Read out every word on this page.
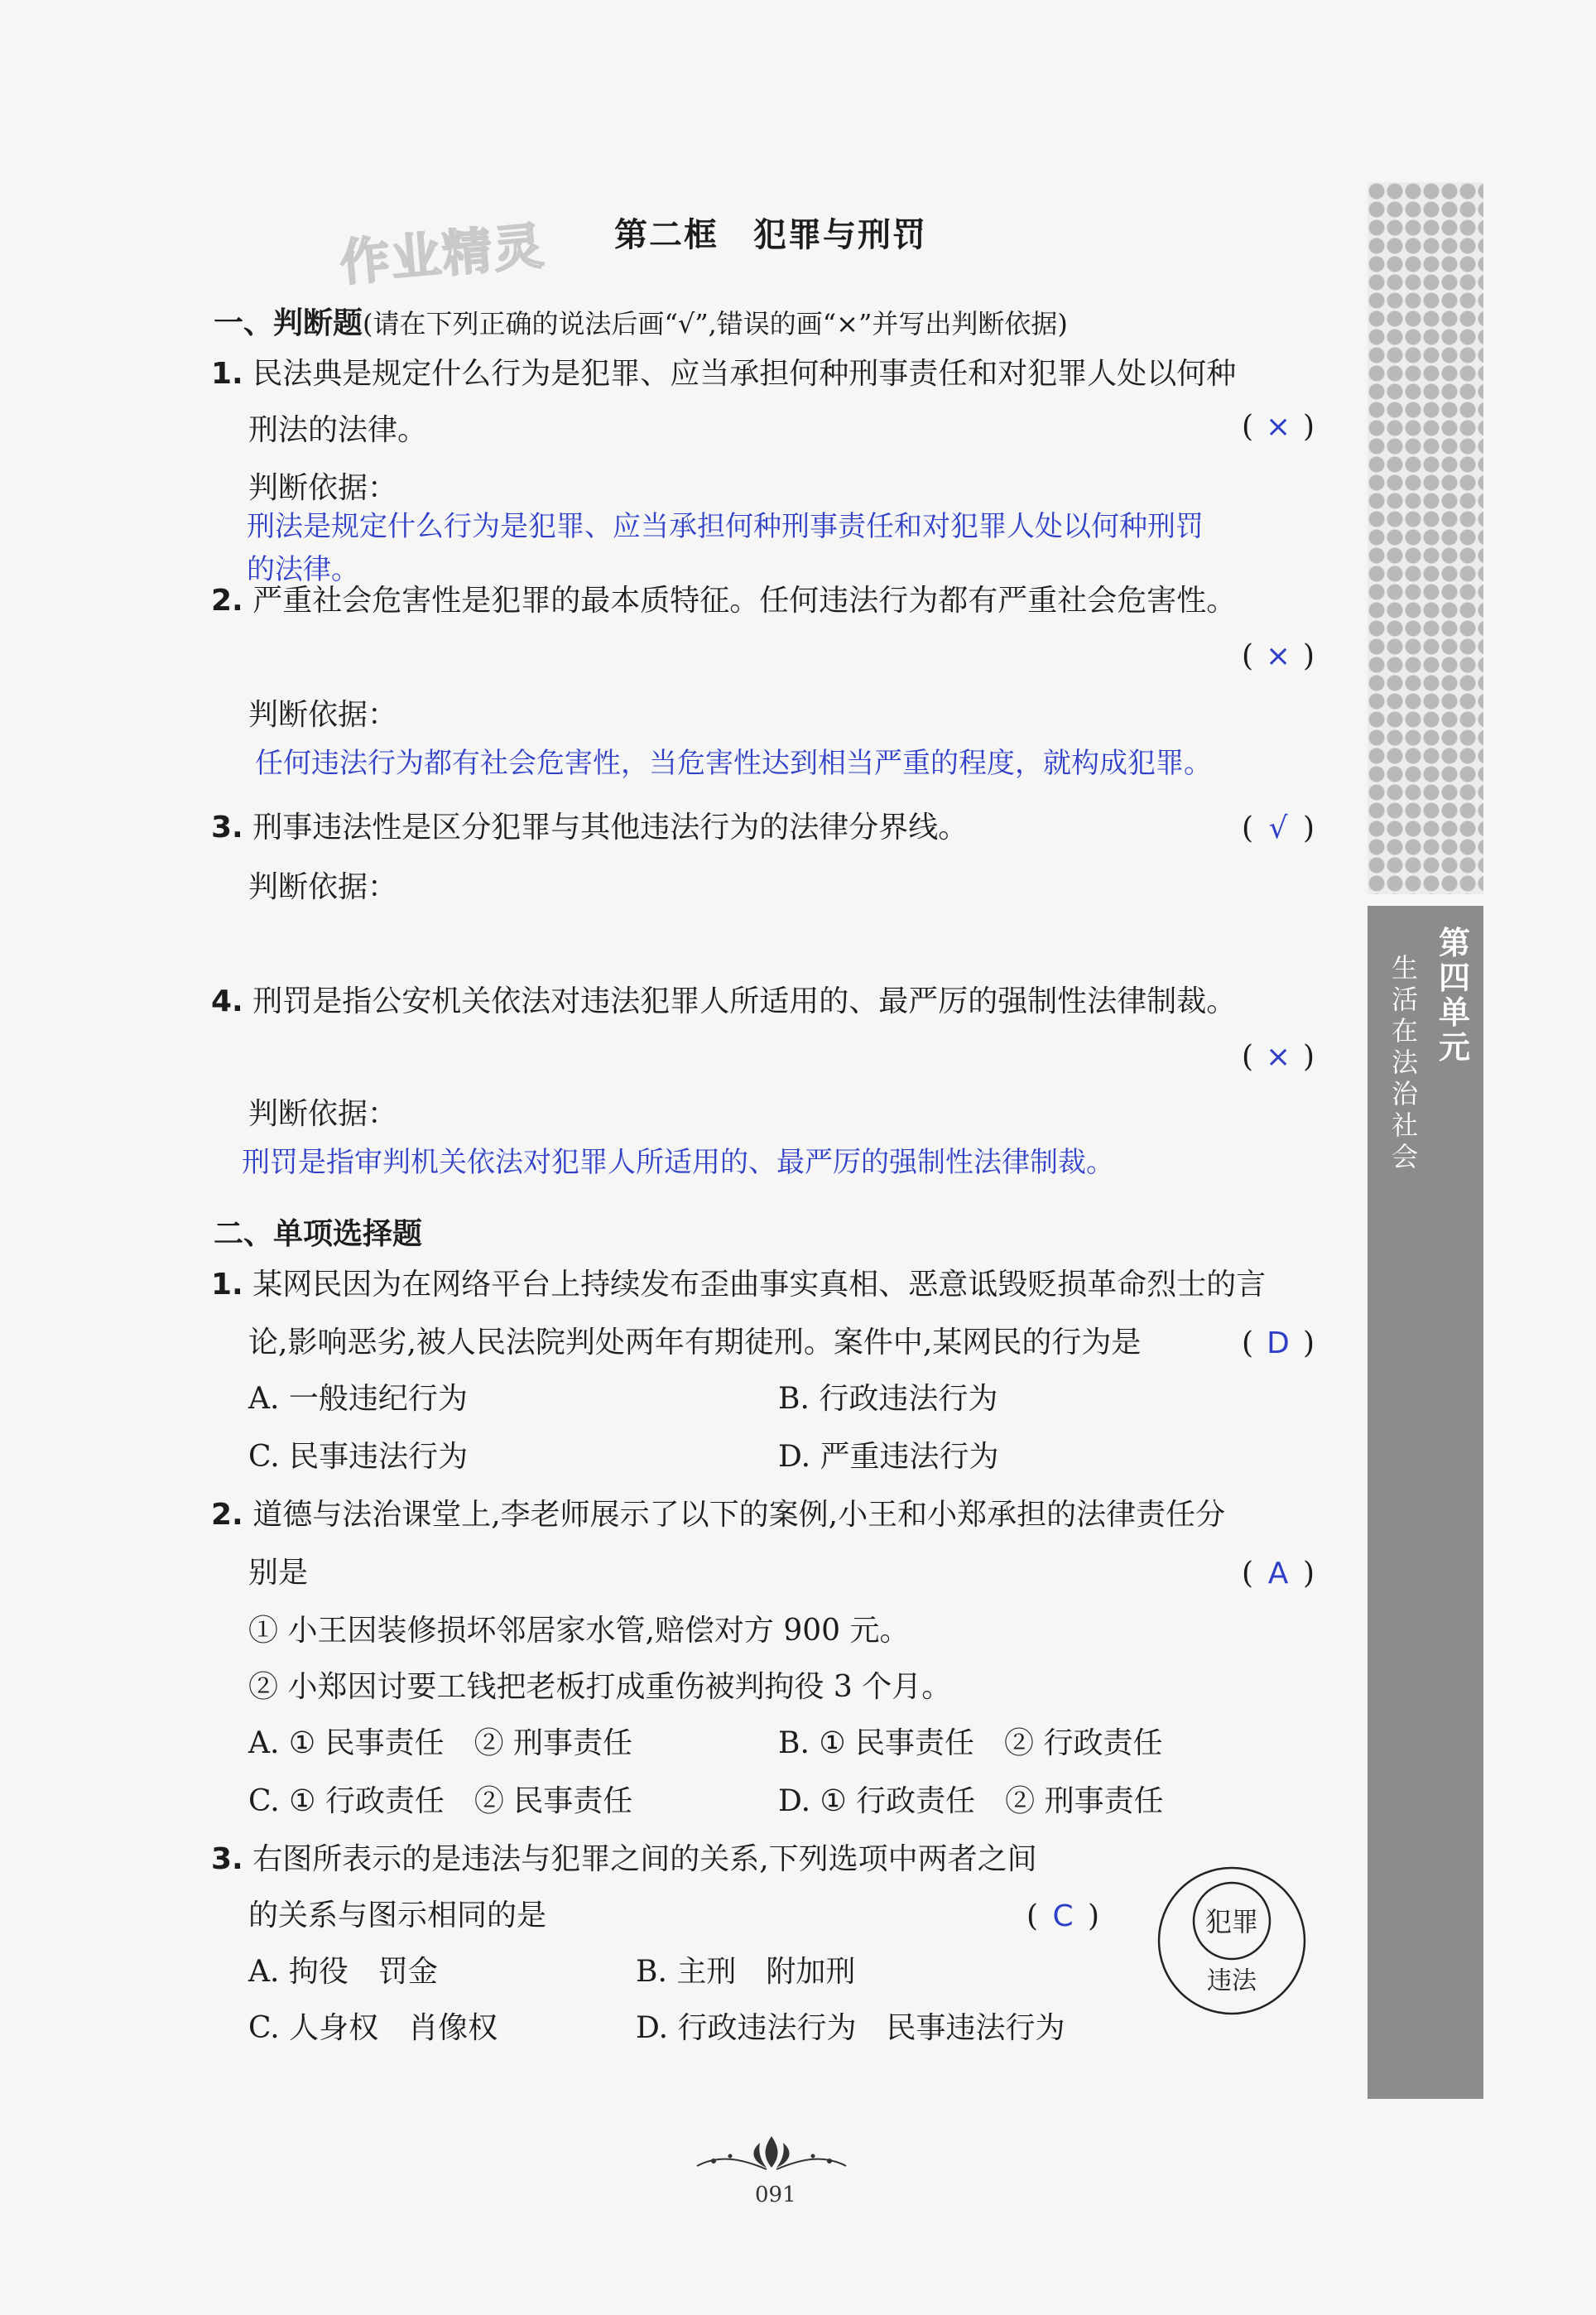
作业精灵 第二框　犯罪与刑罚
一、判断题(请在下列正确的说法后画“√”,错误的画“×”并写出判断依据)
1. 民法典是规定什么行为是犯罪、应当承担何种刑事责任和对犯罪人处以何种
刑法的法律。	( × )
判断依据：
刑法是规定什么行为是犯罪、应当承担何种刑事责任和对犯罪人处以何种刑罚
的法律。
2. 严重社会危害性是犯罪的最本质特征。任何违法行为都有严重社会危害性。
( × )
判断依据：
任何违法行为都有社会危害性，当危害性达到相当严重的程度，就构成犯罪。
3. 刑事违法性是区分犯罪与其他违法行为的法律分界线。	( √ )
判断依据：
4. 刑罚是指公安机关依法对违法犯罪人所适用的、最严厉的强制性法律制裁。
( × )
判断依据：
刑罚是指审判机关依法对犯罪人所适用的、最严厉的强制性法律制裁。
二、单项选择题
1. 某网民因为在网络平台上持续发布歪曲事实真相、恶意诋毁贬损革命烈士的言
论,影响恶劣,被人民法院判处两年有期徒刑。案件中,某网民的行为是	( D )
A. 一般违纪行为	B. 行政违法行为
C. 民事违法行为	D. 严重违法行为
2. 道德与法治课堂上,李老师展示了以下的案例,小王和小郑承担的法律责任分
别是	( A )
① 小王因装修损坏邻居家水管,赔偿对方 900 元。
② 小郑因讨要工钱把老板打成重伤被判拘役 3 个月。
A. ① 民事责任　② 刑事责任	B. ① 民事责任　② 行政责任
C. ① 行政责任　② 民事责任	D. ① 行政责任　② 刑事责任
3. 右图所表示的是违法与犯罪之间的关系,下列选项中两者之间
的关系与图示相同的是	( C )
A. 拘役　罚金	B. 主刑　附加刑
C. 人身权　肖像权	D. 行政违法行为　民事违法行为
犯罪
违法
第四单元
生活在法治社会
091
